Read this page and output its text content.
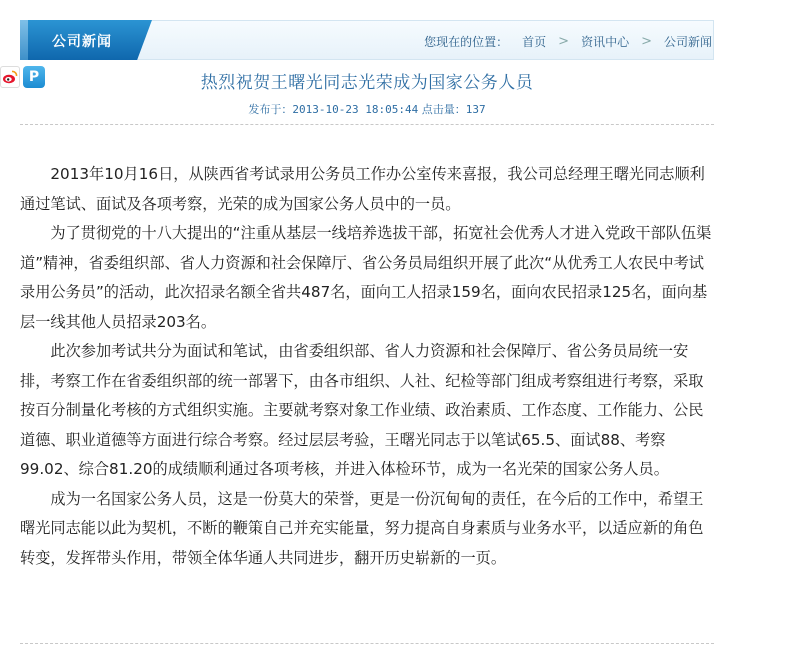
公司新闻	您现在的位置： 首页 > 资讯中心 > 公司新闻
P	热烈祝贺王曙光同志光荣成为国家公务人员
发布于：2013-10-23 18:05:44 点击量：137

2013年10月16日，从陕西省考试录用公务员工作办公室传来喜报，我公司总经理王曙光同志顺利通过笔试、面试及各项考察，光荣的成为国家公务人员中的一员。

为了贯彻党的十八大提出的“注重从基层一线培养选拔干部，拓宽社会优秀人才进入党政干部队伍渠道”精神，省委组织部、省人力资源和社会保障厅、省公务员局组织开展了此次“从优秀工人农民中考试录用公务员”的活动，此次招录名额全省共487名，面向工人招录159名，面向农民招录125名，面向基层一线其他人员招录203名。

此次参加考试共分为面试和笔试，由省委组织部、省人力资源和社会保障厅、省公务员局统一安排，考察工作在省委组织部的统一部署下，由各市组织、人社、纪检等部门组成考察组进行考察，采取按百分制量化考核的方式组织实施。主要就考察对象工作业绩、政治素质、工作态度、工作能力、公民道德、职业道德等方面进行综合考察。经过层层考验，王曙光同志于以笔试65.5、面试88、考察99.02、综合81.20的成绩顺利通过各项考核，并进入体检环节，成为一名光荣的国家公务人员。

成为一名国家公务人员，这是一份莫大的荣誉，更是一份沉甸甸的责任，在今后的工作中，希望王曙光同志能以此为契机，不断的鞭策自己并充实能量，努力提高自身素质与业务水平，以适应新的角色转变，发挥带头作用，带领全体华通人共同进步，翻开历史崭新的一页。
